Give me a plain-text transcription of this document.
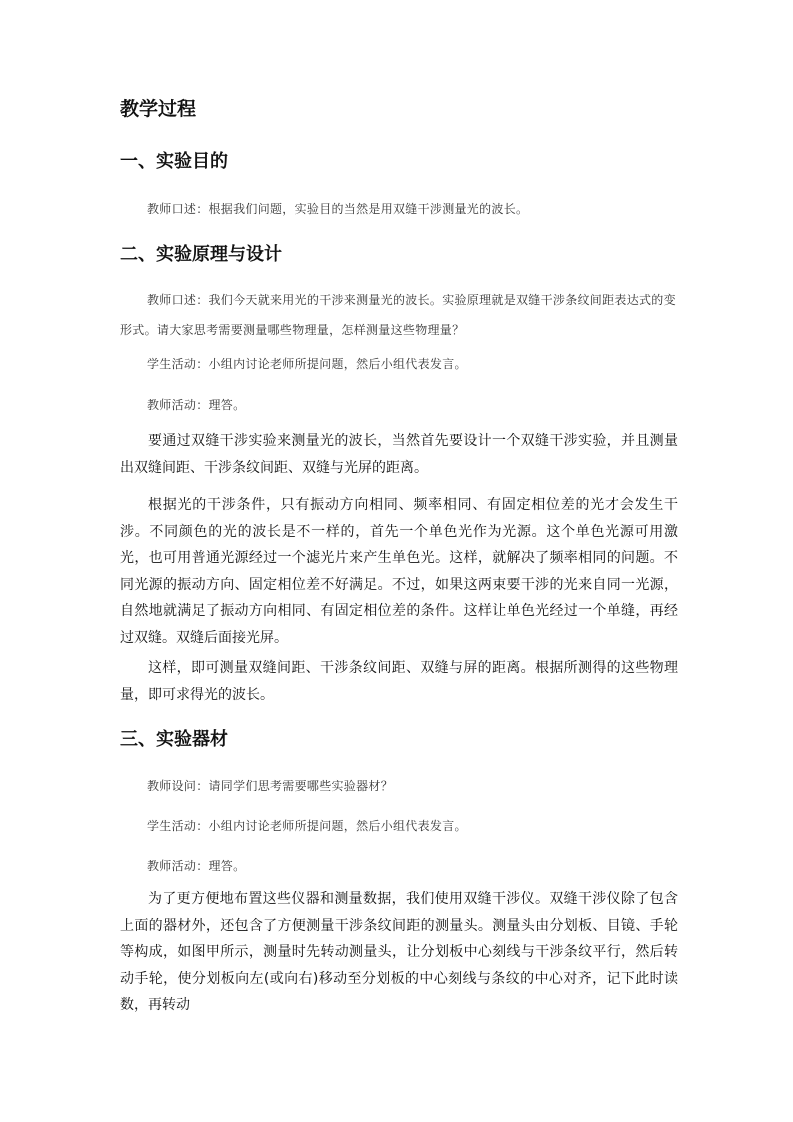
教学过程
一、实验目的

教师口述：根据我们问题，实验目的当然是用双缝干涉测量光的波长。

二、实验原理与设计

教师口述：我们今天就来用光的干涉来测量光的波长。实验原理就是双缝干涉条纹间距表达式的变形式。请大家思考需要测量哪些物理量，怎样测量这些物理量？

学生活动：小组内讨论老师所提问题，然后小组代表发言。

教师活动：理答。

要通过双缝干涉实验来测量光的波长，当然首先要设计一个双缝干涉实验，并且测量出双缝间距、干涉条纹间距、双缝与光屏的距离。

根据光的干涉条件，只有振动方向相同、频率相同、有固定相位差的光才会发生干涉。不同颜色的光的波长是不一样的，首先一个单色光作为光源。这个单色光源可用激光，也可用普通光源经过一个滤光片来产生单色光。这样，就解决了频率相同的问题。不同光源的振动方向、固定相位差不好满足。不过，如果这两束要干涉的光来自同一光源，自然地就满足了振动方向相同、有固定相位差的条件。这样让单色光经过一个单缝，再经过双缝。双缝后面接光屏。

这样，即可测量双缝间距、干涉条纹间距、双缝与屏的距离。根据所测得的这些物理量，即可求得光的波长。

三、实验器材

教师设问：请同学们思考需要哪些实验器材？

学生活动：小组内讨论老师所提问题，然后小组代表发言。

教师活动：理答。

为了更方便地布置这些仪器和测量数据，我们使用双缝干涉仪。双缝干涉仪除了包含上面的器材外，还包含了方便测量干涉条纹间距的测量头。测量头由分划板、目镜、手轮等构成，如图甲所示，测量时先转动测量头，让分划板中心刻线与干涉条纹平行，然后转动手轮，使分划板向左(或向右)移动至分划板的中心刻线与条纹的中心对齐，记下此时读数，再转动
